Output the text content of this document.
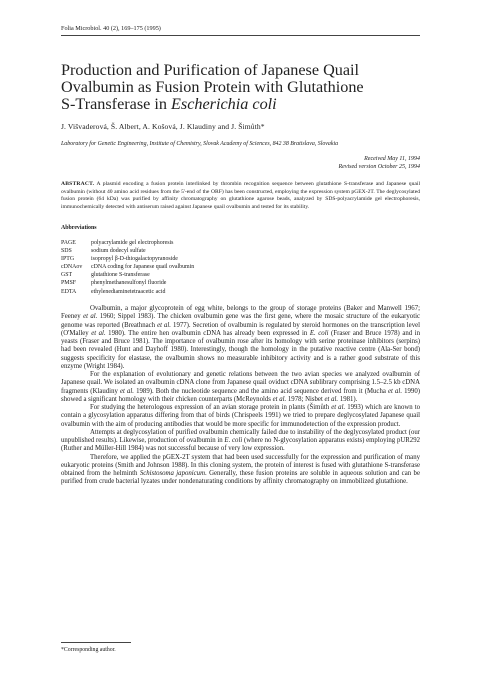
Folia Microbiol. 40 (2), 169–175 (1995)
Production and Purification of Japanese Quail
Ovalbumin as Fusion Protein with Glutathione
S-Transferase in Escherichia coli
J. Višvaderová, Š. Albert, A. Košová, J. Klaudiny and J. Šimůth*
Laboratory for Genetic Engineering, Institute of Chemistry, Slovak Academy of Sciences, 842 38 Bratislava, Slovakia
Received May 11, 1994
Revised version October 25, 1994
ABSTRACT. A plasmid encoding a fusion protein interlinked by thrombin recognition sequence between glutathione S-transferase and Japanese quail ovalbumin (without 40 amino acid residues from the 5'-end of the ORF) has been constructed, employing the expression system pGEX-2T. The deglycosylated fusion protein (64 kDa) was purified by affinity chromatography on glutathione agarose beads, analyzed by SDS-polyacrylamide gel electrophoresis, immunochemically detected with antiserum raised against Japanese quail ovalbumin and tested for its stability.
Abbreviations
PAGE	polyacrylamide gel electrophoresis
SDS	sodium dodecyl sulfate
IPTG	isopropyl β-D-thiogalactopyranoside
cDNAov	cDNA coding for Japanese quail ovalbumin
GST	glutathione S-transferase
PMSF	phenylmethanesulfonyl fluoride
EDTA	ethylenediaminetetraacetic acid

Ovalbumin, a major glycoprotein of egg white, belongs to the group of storage proteins (Baker and Manwell 1967; Feeney et al. 1960; Sippel 1983). The chicken ovalbumin gene was the first gene, where the mosaic structure of the eukaryotic genome was reported (Breathnach et al. 1977). Secretion of ovalbumin is regulated by steroid hormones on the transcription level (O'Malley et al. 1980). The entire hen ovalbumin cDNA has already been expressed in E. coli (Fraser and Bruce 1978) and in yeasts (Fraser and Bruce 1981). The importance of ovalbumin rose after its homology with serine proteinase inhibitors (serpins) had been revealed (Hunt and Dayhoff 1980). Interestingly, though the homology in the putative reactive centre (Ala-Ser bond) suggests specificity for elastase, the ovalbumin shows no measurable inhibitory activity and is a rather good substrate of this enzyme (Wright 1984).

For the explanation of evolutionary and genetic relations between the two avian species we analyzed ovalbumin of Japanese quail. We isolated an ovalbumin cDNA clone from Japanese quail oviduct cDNA sublibrary comprising 1.5–2.5 kb cDNA fragments (Klaudiny et al. 1989). Both the nucleotide sequence and the amino acid sequence derived from it (Mucha et al. 1990) showed a significant homology with their chicken counterparts (McReynolds et al. 1978; Nisbet et al. 1981).

For studying the heterologous expression of an avian storage protein in plants (Šimůth et al. 1993) which are known to contain a glycosylation apparatus differing from that of birds (Chrispeels 1991) we tried to prepare deglycosylated Japanese quail ovalbumin with the aim of producing antibodies that would be more specific for immunodetection of the expression product.

Attempts at deglycosylation of purified ovalbumin chemically failed due to instability of the deglycosylated product (our unpublished results). Likewise, production of ovalbumin in E. coli (where no N-glycosylation apparatus exists) employing pUR292 (Ruther and Müller-Hill 1984) was not successful because of very low expression.

Therefore, we applied the pGEX-2T system that had been used successfully for the expression and purification of many eukaryotic proteins (Smith and Johnson 1988). In this cloning system, the protein of interest is fused with glutathione S-transferase obtained from the helminth Schistosoma japonicum. Generally, these fusion proteins are soluble in aqueous solution and can be purified from crude bacterial lyzates under nondenaturating conditions by affinity chromatography on immobilized glutathione.

*Corresponding author.
